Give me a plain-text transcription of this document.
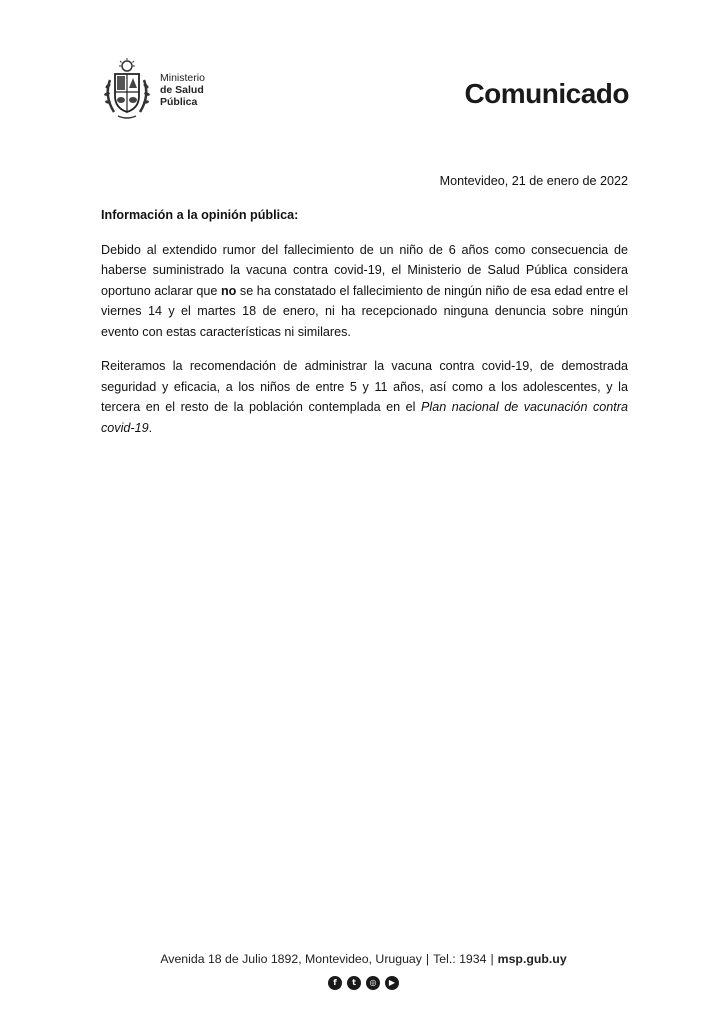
Ministerio
de Salud
Pública	Comunicado
Montevideo, 21 de enero de 2022

Información a la opinión pública:

Debido al extendido rumor del fallecimiento de un niño de 6 años como consecuencia de haberse suministrado la vacuna contra covid-19, el Ministerio de Salud Pública considera oportuno aclarar que no se ha constatado el fallecimiento de ningún niño de esa edad entre el viernes 14 y el martes 18 de enero, ni ha recepcionado ninguna denuncia sobre ningún evento con estas características ni similares.

Reiteramos la recomendación de administrar la vacuna contra covid-19, de demostrada seguridad y eficacia, a los niños de entre 5 y 11 años, así como a los adolescentes, y la tercera en el resto de la población contemplada en el Plan nacional de vacunación contra covid-19.

Avenida 18 de Julio 1892, Montevideo, Uruguay | Tel.: 1934 | msp.gub.uy
f	t	◎	▶
